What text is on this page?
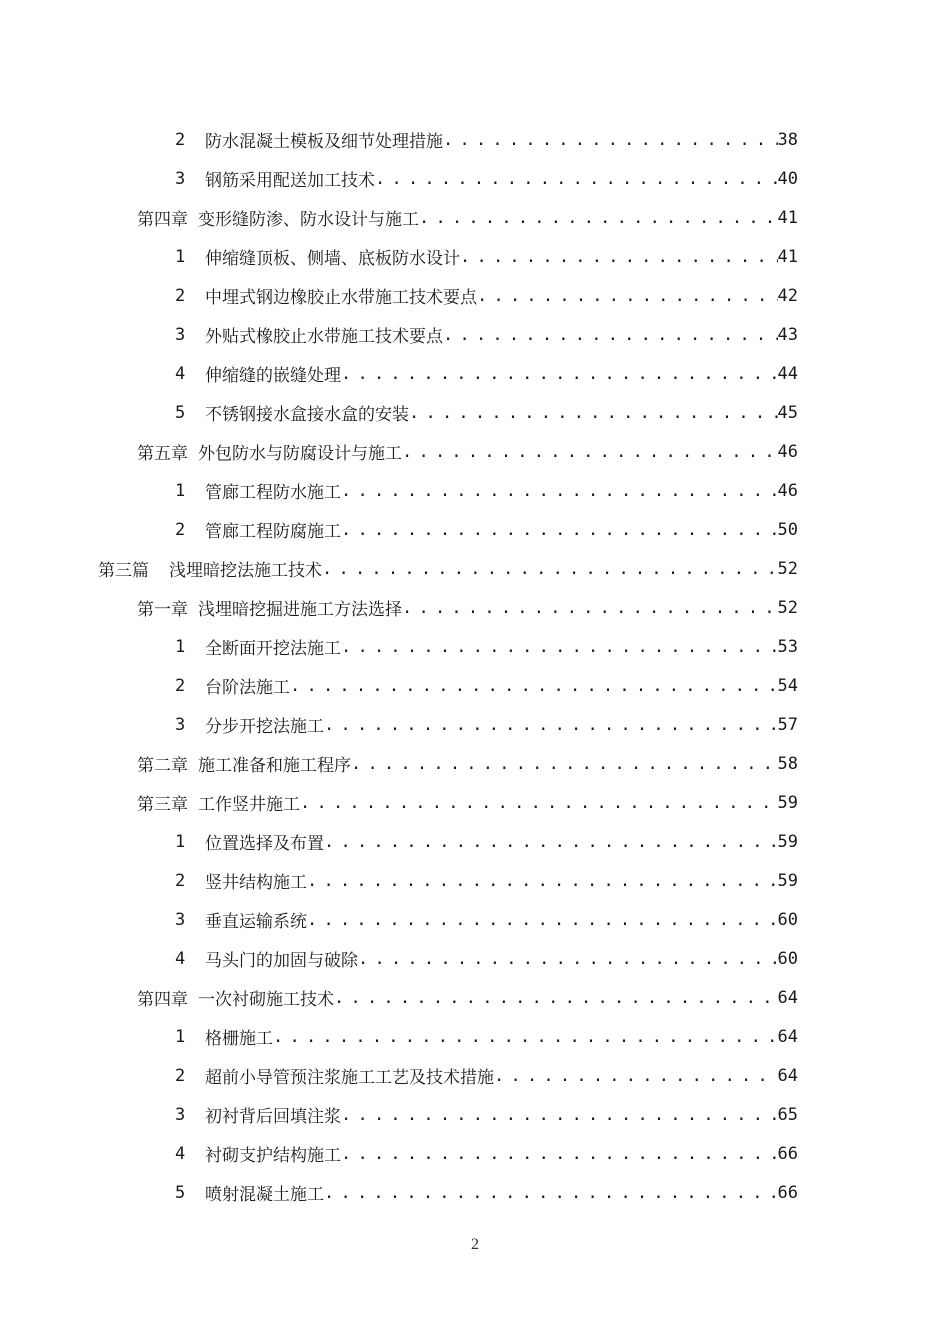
2	防水混凝土模板及细节处理措施 . . .	38
3	钢筋采用配送加工技术 . . .	40
第四章 变形缝防渗、防水设计与施工 . . .	41
1	伸缩缝顶板、侧墙、底板防水设计 . . .	41
2	中埋式钢边橡胶止水带施工技术要点 . . .	42
3	外贴式橡胶止水带施工技术要点 . . .	43
4	伸缩缝的嵌缝处理 . . .	44
5	不锈钢接水盒接水盒的安装 . . .	45
第五章 外包防水与防腐设计与施工 . . .	46
1	管廊工程防水施工 . . .	46
2	管廊工程防腐施工 . . .	50
第三篇 浅埋暗挖法施工技术 . . .	52
第一章 浅埋暗挖掘进施工方法选择 . . .	52
1	全断面开挖法施工 . . .	53
2	台阶法施工 . . .	54
3	分步开挖法施工 . . .	57
第二章 施工准备和施工程序 . . .	58
第三章 工作竖井施工 . . .	59
1	位置选择及布置 . . .	59
2	竖井结构施工 . . .	59
3	垂直运输系统 . . .	60
4	马头门的加固与破除 . . .	60
第四章 一次衬砌施工技术 . . .	64
1	格栅施工 . . .	64
2	超前小导管预注浆施工工艺及技术措施 . . .	64
3	初衬背后回填注浆 . . .	65
4	衬砌支护结构施工 . . .	66
5	喷射混凝土施工 . . .	66
2
